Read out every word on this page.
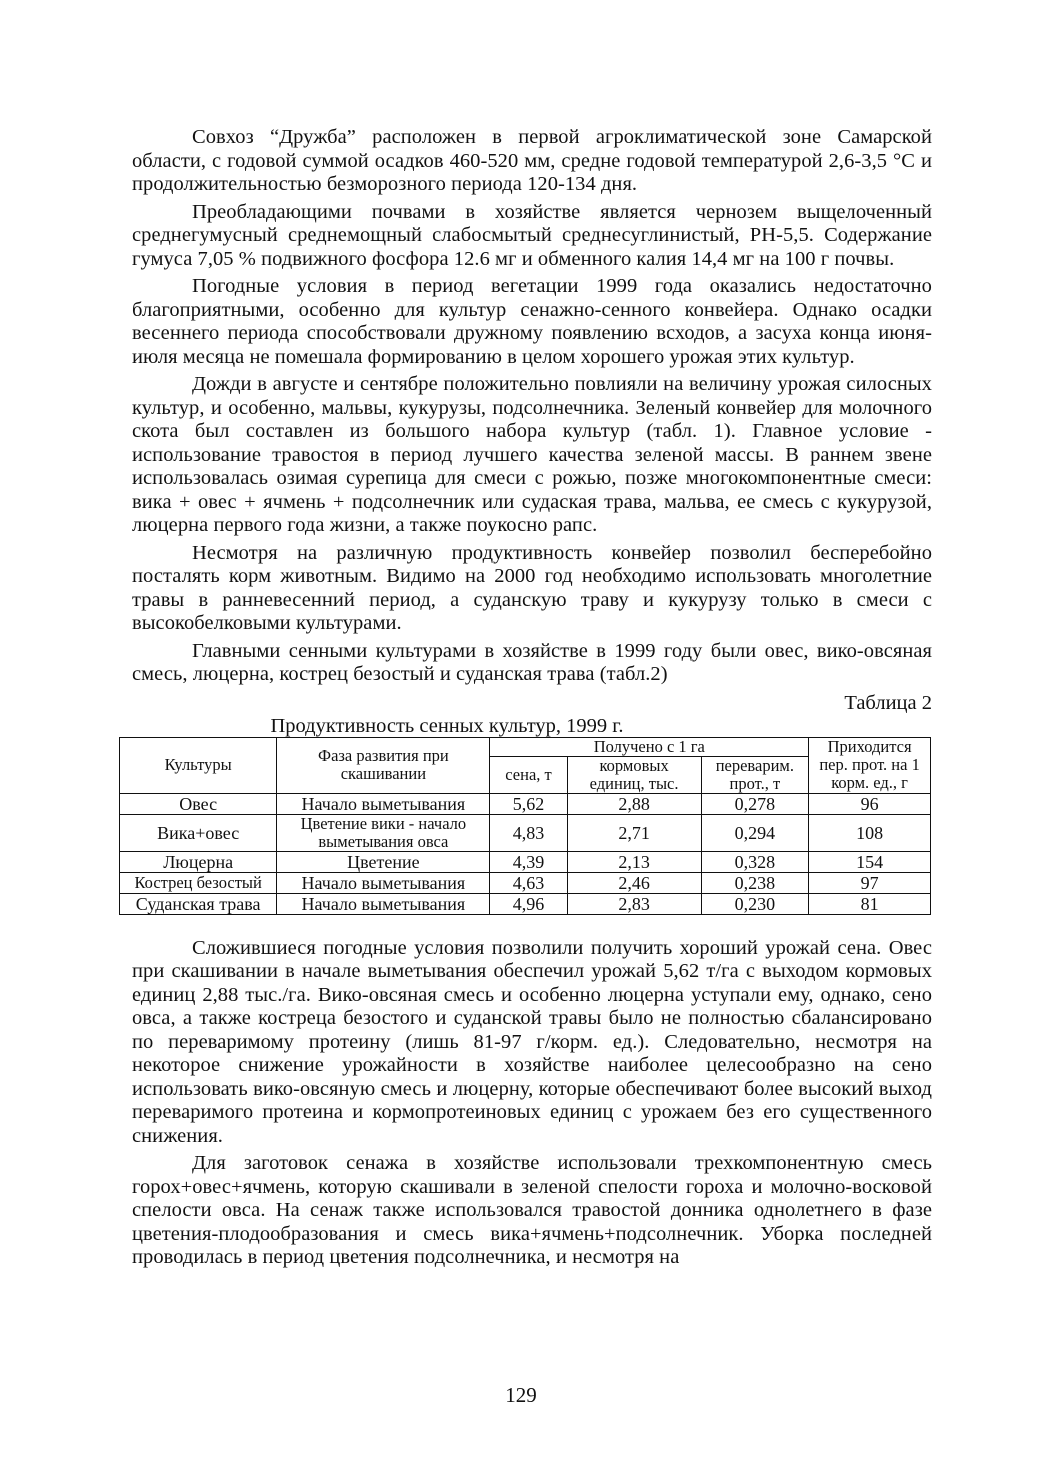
Совхоз “Дружба” расположен в первой агроклиматической зоне Самарской области, с годовой суммой осадков 460-520 мм, средне годовой температурой 2,6-3,5 °С и продолжительностью безморозного периода 120-134 дня.

Преобладающими почвами в хозяйстве является чернозем выщелоченный среднегумусный среднемощный слабосмытый среднесуглинистый, РН-5,5. Содержание гумуса 7,05 % подвижного фосфора 12.6 мг и обменного калия 14,4 мг на 100 г почвы.

Погодные условия в период вегетации 1999 года оказались недостаточно благоприятными, особенно для культур сенажно-сенного конвейера. Однако осадки весеннего периода способствовали дружному появлению всходов, а засуха конца июня-июля месяца не помешала формированию в целом хорошего урожая этих культур.

Дожди в августе и сентябре положительно повлияли на величину урожая силосных культур, и особенно, мальвы, кукурузы, подсолнечника. Зеленый конвейер для молочного скота был составлен из большого набора культур (табл. 1). Главное условие - использование травостоя в период лучшего качества зеленой массы. В раннем звене использовалась озимая сурепица для смеси с рожью, позже многокомпонентные смеси: вика + овес + ячмень + подсолнечник или судаская трава, мальва, ее смесь с кукурузой, люцерна первого года жизни, а также поукосно рапс.

Несмотря на различную продуктивность конвейер позволил бесперебойно посталять корм животным. Видимо на 2000 год необходимо использовать многолетние травы в ранневесенний период, а суданскую траву и кукурузу только в смеси с высокобелковыми культурами.

Главными сенными культурами в хозяйстве в 1999 году были овес, вико-овсяная смесь, люцерна, кострец безостый и суданская трава (табл.2)

Таблица 2
Продуктивность сенных культур, 1999 г.
Культуры	Фаза развития при скашивании	Получено с 1 га			Приходится пер. прот. на 1 корм. ед., г
		сена, т	кормовых единиц, тыс.	переварим. прот., т	
Овес	Начало выметывания	5,62	2,88	0,278	96
Вика+овес	Цветение вики - начало выметывания овса	4,83	2,71	0,294	108
Люцерна	Цветение	4,39	2,13	0,328	154
Кострец безостый	Начало выметывания	4,63	2,46	0,238	97
Суданская трава	Начало выметывания	4,96	2,83	0,230	81

Сложившиеся погодные условия позволили получить хороший урожай сена. Овес при скашивании в начале выметывания обеспечил урожай 5,62 т/га с выходом кормовых единиц 2,88 тыс./га. Вико-овсяная смесь и особенно люцерна уступали ему, однако, сено овса, а также костреца безостого и суданской травы было не полностью сбалансировано по переваримому протеину (лишь 81-97 г/корм. ед.). Следовательно, несмотря на некоторое снижение урожайности в хозяйстве наиболее целесообразно на сено использовать вико-овсяную смесь и люцерну, которые обеспечивают более высокий выход переваримого протеина и кормопротеиновых единиц с урожаем без его существенного снижения.

Для заготовок сенажа в хозяйстве использовали трехкомпонентную смесь горох+овес+ячмень, которую скашивали в зеленой спелости гороха и молочно-восковой спелости овса. На сенаж также использовался травостой донника однолетнего в фазе цветения-плодообразования и смесь вика+ячмень+подсолнечник. Уборка последней проводилась в период цветения подсолнечника, и несмотря на

129
